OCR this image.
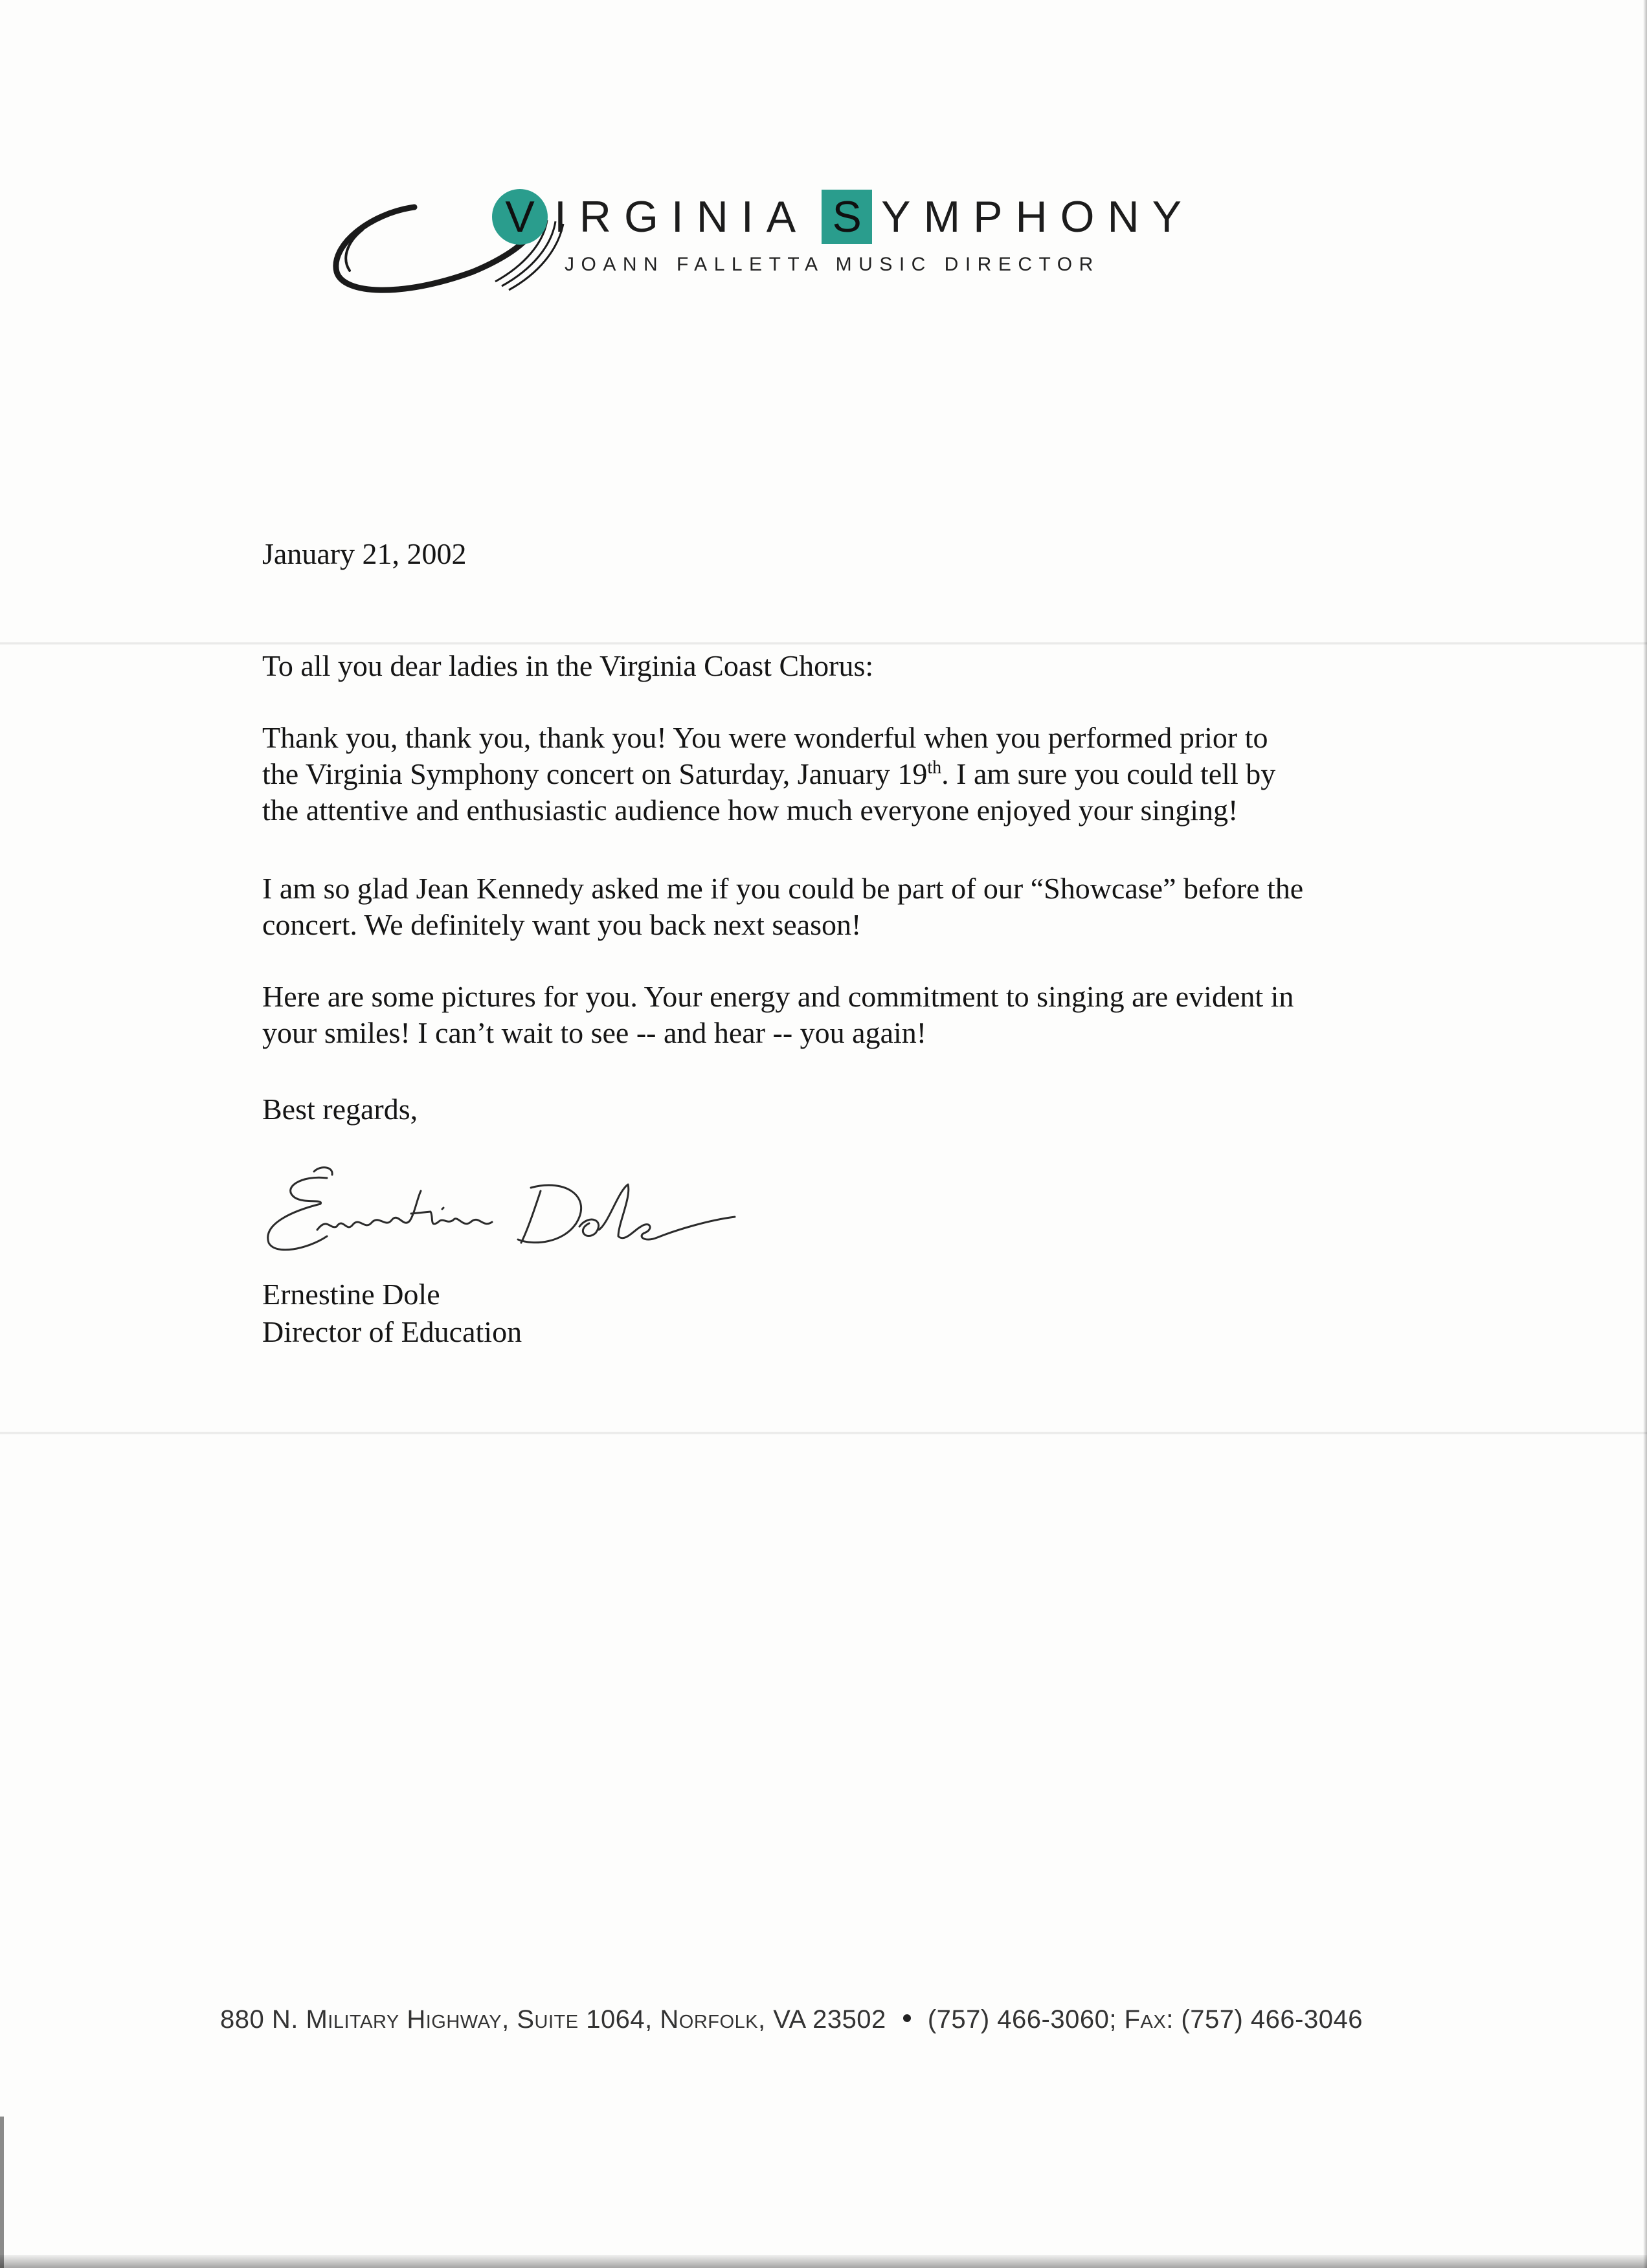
V IRGINIA S YMPHONY
JOANN FALLETTA MUSIC DIRECTOR
January 21, 2002
To all you dear ladies in the Virginia Coast Chorus:
Thank you, thank you, thank you! You were wonderful when you performed prior to
the Virginia Symphony concert on Saturday, January 19th. I am sure you could tell by
the attentive and enthusiastic audience how much everyone enjoyed your singing!
I am so glad Jean Kennedy asked me if you could be part of our “Showcase” before the
concert. We definitely want you back next season!
Here are some pictures for you. Your energy and commitment to singing are evident in
your smiles! I can’t wait to see -- and hear -- you again!
Best regards,
Ernestine Dole
Director of Education
880 N. MILITARY HIGHWAY, SUITE 1064, NORFOLK, VA 23502 (757) 466-3060; FAX: (757) 466-3046
